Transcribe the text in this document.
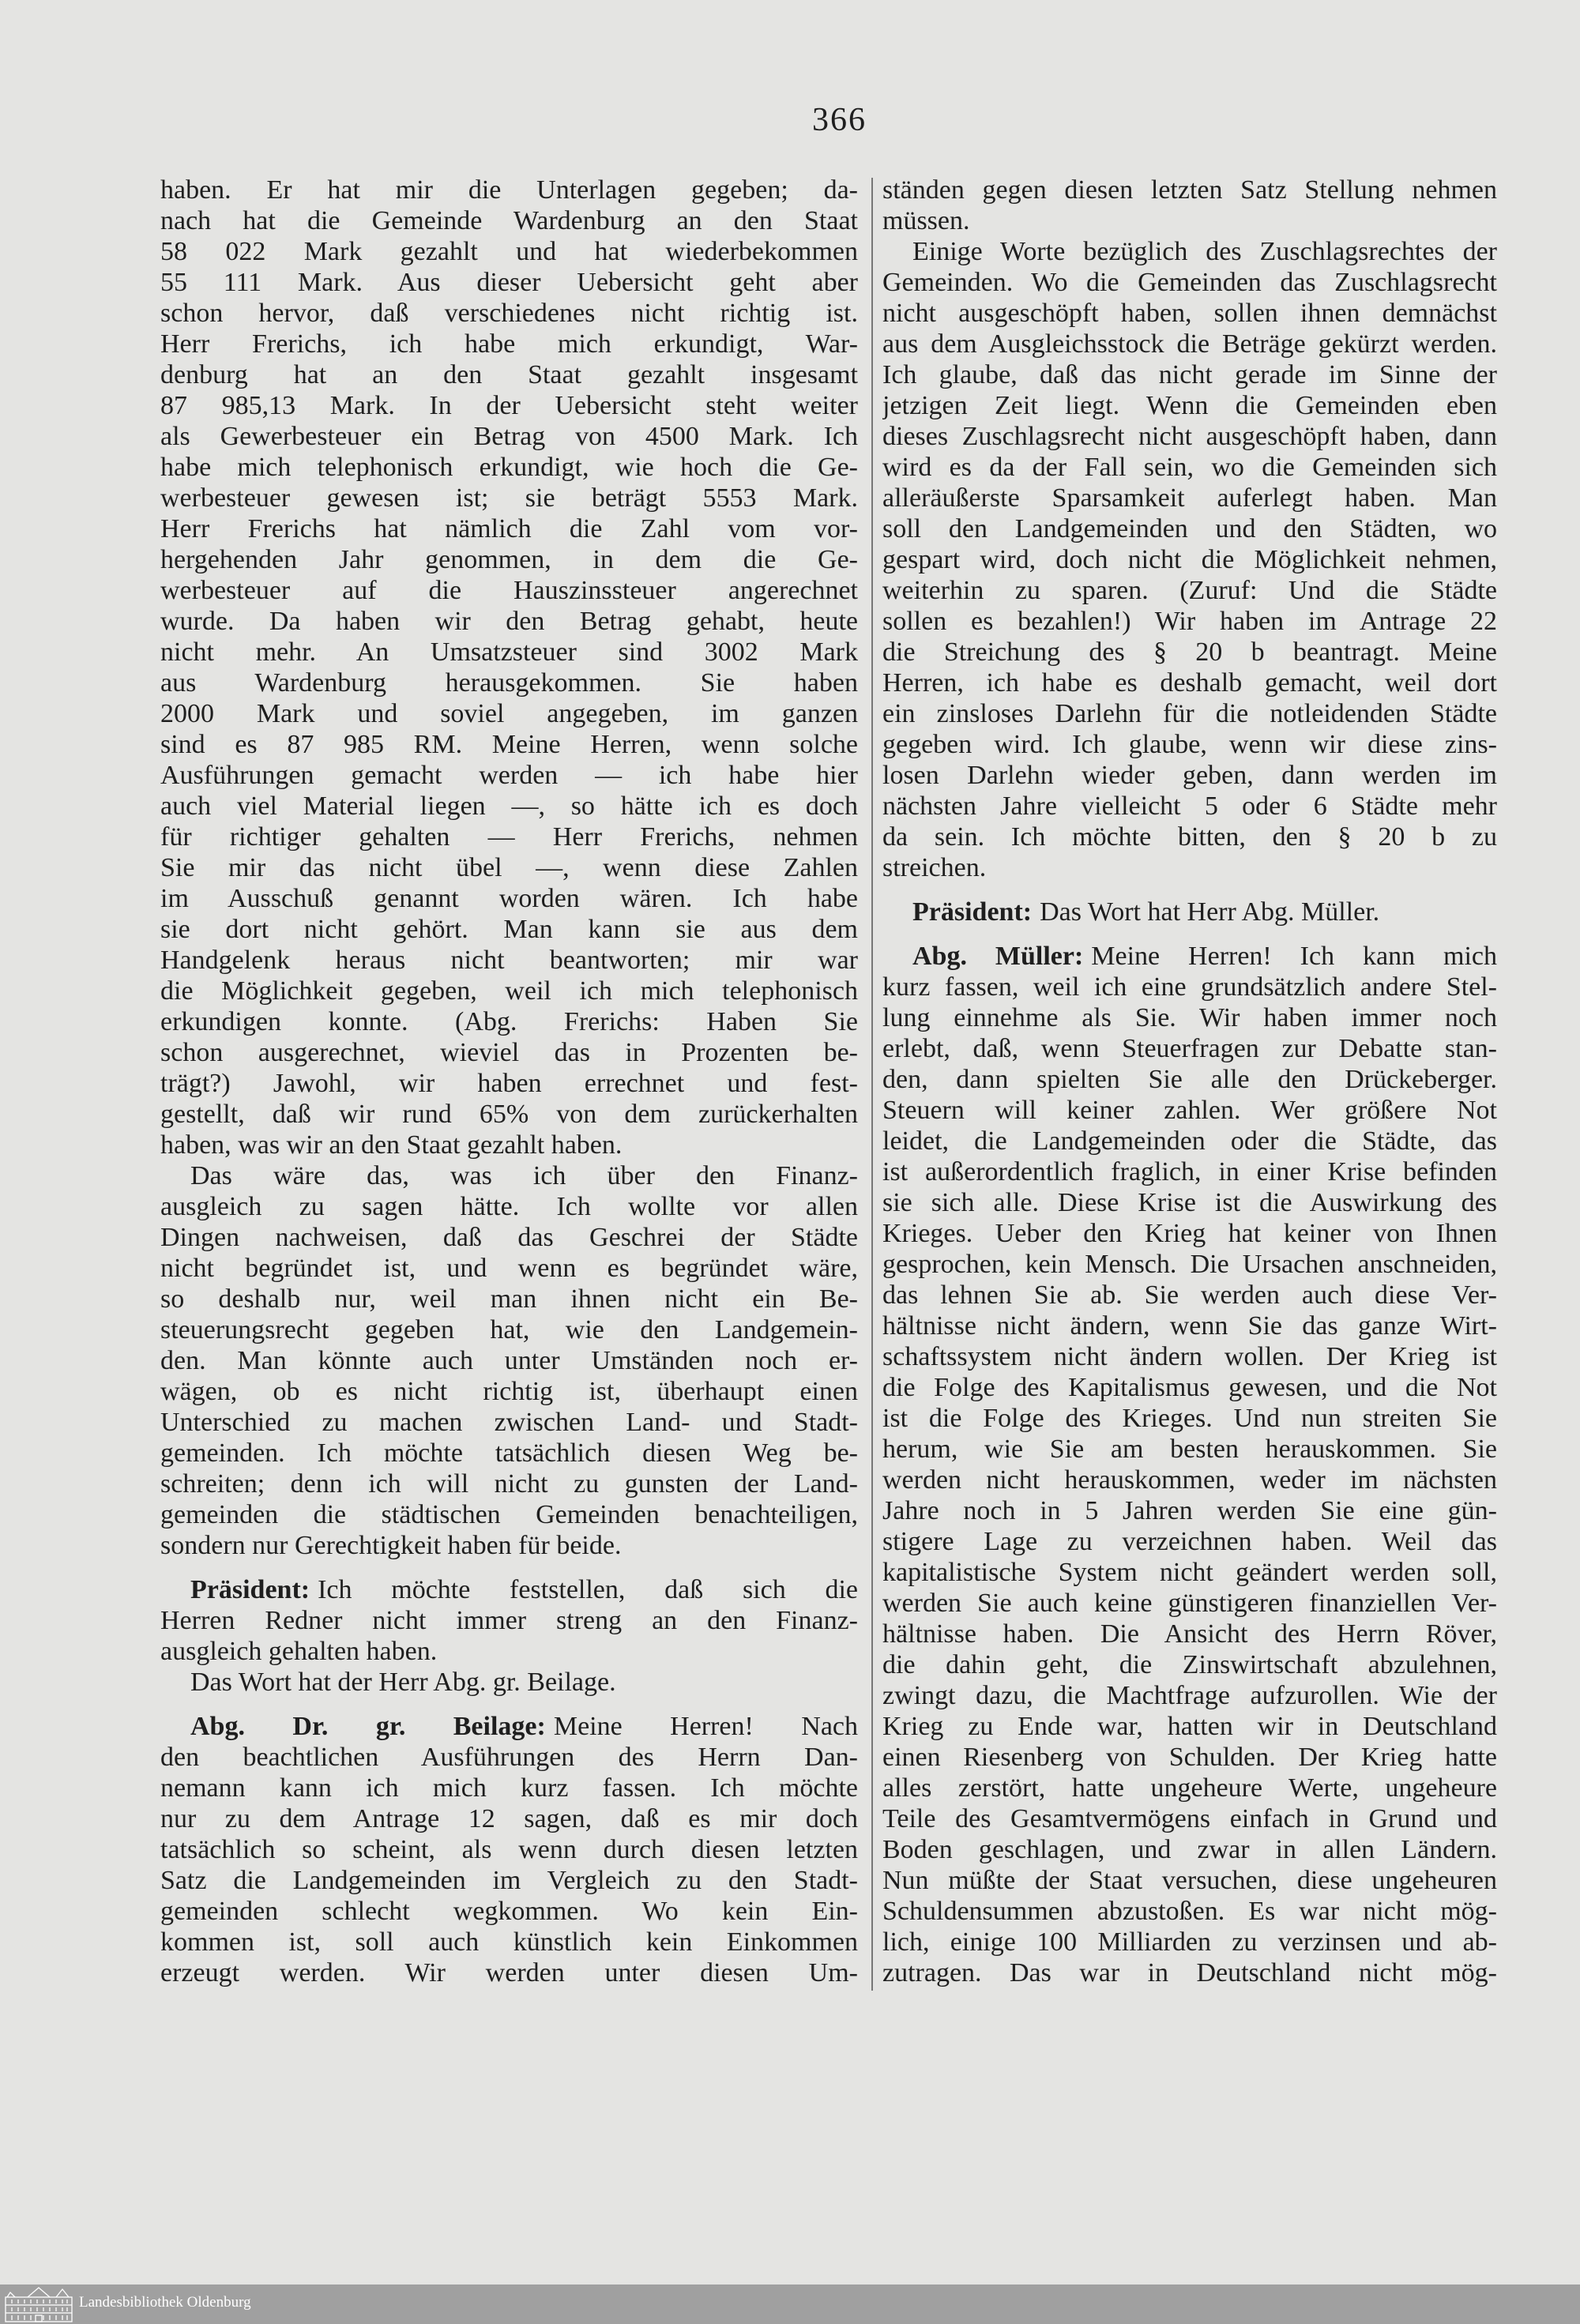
366
haben. Er hat mir die Unterlagen gegeben; da-
nach hat die Gemeinde Wardenburg an den Staat
58 022 Mark gezahlt und hat wiederbekommen
55 111 Mark. Aus dieser Uebersicht geht aber
schon hervor, daß verschiedenes nicht richtig ist.
Herr Frerichs, ich habe mich erkundigt, War-
denburg hat an den Staat gezahlt insgesamt
87 985,13 Mark. In der Uebersicht steht weiter
als Gewerbesteuer ein Betrag von 4500 Mark. Ich
habe mich telephonisch erkundigt, wie hoch die Ge-
werbesteuer gewesen ist; sie beträgt 5553 Mark.
Herr Frerichs hat nämlich die Zahl vom vor-
hergehenden Jahr genommen, in dem die Ge-
werbesteuer auf die Hauszinssteuer angerechnet
wurde. Da haben wir den Betrag gehabt, heute
nicht mehr. An Umsatzsteuer sind 3002 Mark
aus Wardenburg herausgekommen. Sie haben
2000 Mark und soviel angegeben, im ganzen
sind es 87 985 RM. Meine Herren, wenn solche
Ausführungen gemacht werden — ich habe hier
auch viel Material liegen —, so hätte ich es doch
für richtiger gehalten — Herr Frerichs, nehmen
Sie mir das nicht übel —, wenn diese Zahlen
im Ausschuß genannt worden wären. Ich habe
sie dort nicht gehört. Man kann sie aus dem
Handgelenk heraus nicht beantworten; mir war
die Möglichkeit gegeben, weil ich mich telephonisch
erkundigen konnte. (Abg. Frerichs: Haben Sie
schon ausgerechnet, wieviel das in Prozenten be-
trägt?) Jawohl, wir haben errechnet und fest-
gestellt, daß wir rund 65% von dem zurückerhalten
haben, was wir an den Staat gezahlt haben.
Das wäre das, was ich über den Finanz-
ausgleich zu sagen hätte. Ich wollte vor allen
Dingen nachweisen, daß das Geschrei der Städte
nicht begründet ist, und wenn es begründet wäre,
so deshalb nur, weil man ihnen nicht ein Be-
steuerungsrecht gegeben hat, wie den Landgemein-
den. Man könnte auch unter Umständen noch er-
wägen, ob es nicht richtig ist, überhaupt einen
Unterschied zu machen zwischen Land- und Stadt-
gemeinden. Ich möchte tatsächlich diesen Weg be-
schreiten; denn ich will nicht zu gunsten der Land-
gemeinden die städtischen Gemeinden benachteiligen,
sondern nur Gerechtigkeit haben für beide.
Präsident: Ich möchte feststellen, daß sich die
Herren Redner nicht immer streng an den Finanz-
ausgleich gehalten haben.
Das Wort hat der Herr Abg. gr. Beilage.
Abg. Dr. gr. Beilage: Meine Herren! Nach
den beachtlichen Ausführungen des Herrn Dan-
nemann kann ich mich kurz fassen. Ich möchte
nur zu dem Antrage 12 sagen, daß es mir doch
tatsächlich so scheint, als wenn durch diesen letzten
Satz die Landgemeinden im Vergleich zu den Stadt-
gemeinden schlecht wegkommen. Wo kein Ein-
kommen ist, soll auch künstlich kein Einkommen
erzeugt werden. Wir werden unter diesen Um-
ständen gegen diesen letzten Satz Stellung nehmen
müssen.
Einige Worte bezüglich des Zuschlagsrechtes der
Gemeinden. Wo die Gemeinden das Zuschlagsrecht
nicht ausgeschöpft haben, sollen ihnen demnächst
aus dem Ausgleichsstock die Beträge gekürzt werden.
Ich glaube, daß das nicht gerade im Sinne der
jetzigen Zeit liegt. Wenn die Gemeinden eben
dieses Zuschlagsrecht nicht ausgeschöpft haben, dann
wird es da der Fall sein, wo die Gemeinden sich
alleräußerste Sparsamkeit auferlegt haben. Man
soll den Landgemeinden und den Städten, wo
gespart wird, doch nicht die Möglichkeit nehmen,
weiterhin zu sparen. (Zuruf: Und die Städte
sollen es bezahlen!) Wir haben im Antrage 22
die Streichung des § 20 b beantragt. Meine
Herren, ich habe es deshalb gemacht, weil dort
ein zinsloses Darlehn für die notleidenden Städte
gegeben wird. Ich glaube, wenn wir diese zins-
losen Darlehn wieder geben, dann werden im
nächsten Jahre vielleicht 5 oder 6 Städte mehr
da sein. Ich möchte bitten, den § 20 b zu
streichen.
Präsident: Das Wort hat Herr Abg. Müller.
Abg. Müller: Meine Herren! Ich kann mich
kurz fassen, weil ich eine grundsätzlich andere Stel-
lung einnehme als Sie. Wir haben immer noch
erlebt, daß, wenn Steuerfragen zur Debatte stan-
den, dann spielten Sie alle den Drückeberger.
Steuern will keiner zahlen. Wer größere Not
leidet, die Landgemeinden oder die Städte, das
ist außerordentlich fraglich, in einer Krise befinden
sie sich alle. Diese Krise ist die Auswirkung des
Krieges. Ueber den Krieg hat keiner von Ihnen
gesprochen, kein Mensch. Die Ursachen anschneiden,
das lehnen Sie ab. Sie werden auch diese Ver-
hältnisse nicht ändern, wenn Sie das ganze Wirt-
schaftssystem nicht ändern wollen. Der Krieg ist
die Folge des Kapitalismus gewesen, und die Not
ist die Folge des Krieges. Und nun streiten Sie
herum, wie Sie am besten herauskommen. Sie
werden nicht herauskommen, weder im nächsten
Jahre noch in 5 Jahren werden Sie eine gün-
stigere Lage zu verzeichnen haben. Weil das
kapitalistische System nicht geändert werden soll,
werden Sie auch keine günstigeren finanziellen Ver-
hältnisse haben. Die Ansicht des Herrn Röver,
die dahin geht, die Zinswirtschaft abzulehnen,
zwingt dazu, die Machtfrage aufzurollen. Wie der
Krieg zu Ende war, hatten wir in Deutschland
einen Riesenberg von Schulden. Der Krieg hatte
alles zerstört, hatte ungeheure Werte, ungeheure
Teile des Gesamtvermögens einfach in Grund und
Boden geschlagen, und zwar in allen Ländern.
Nun müßte der Staat versuchen, diese ungeheuren
Schuldensummen abzustoßen. Es war nicht mög-
lich, einige 100 Milliarden zu verzinsen und ab-
zutragen. Das war in Deutschland nicht mög-
Landesbibliothek Oldenburg
